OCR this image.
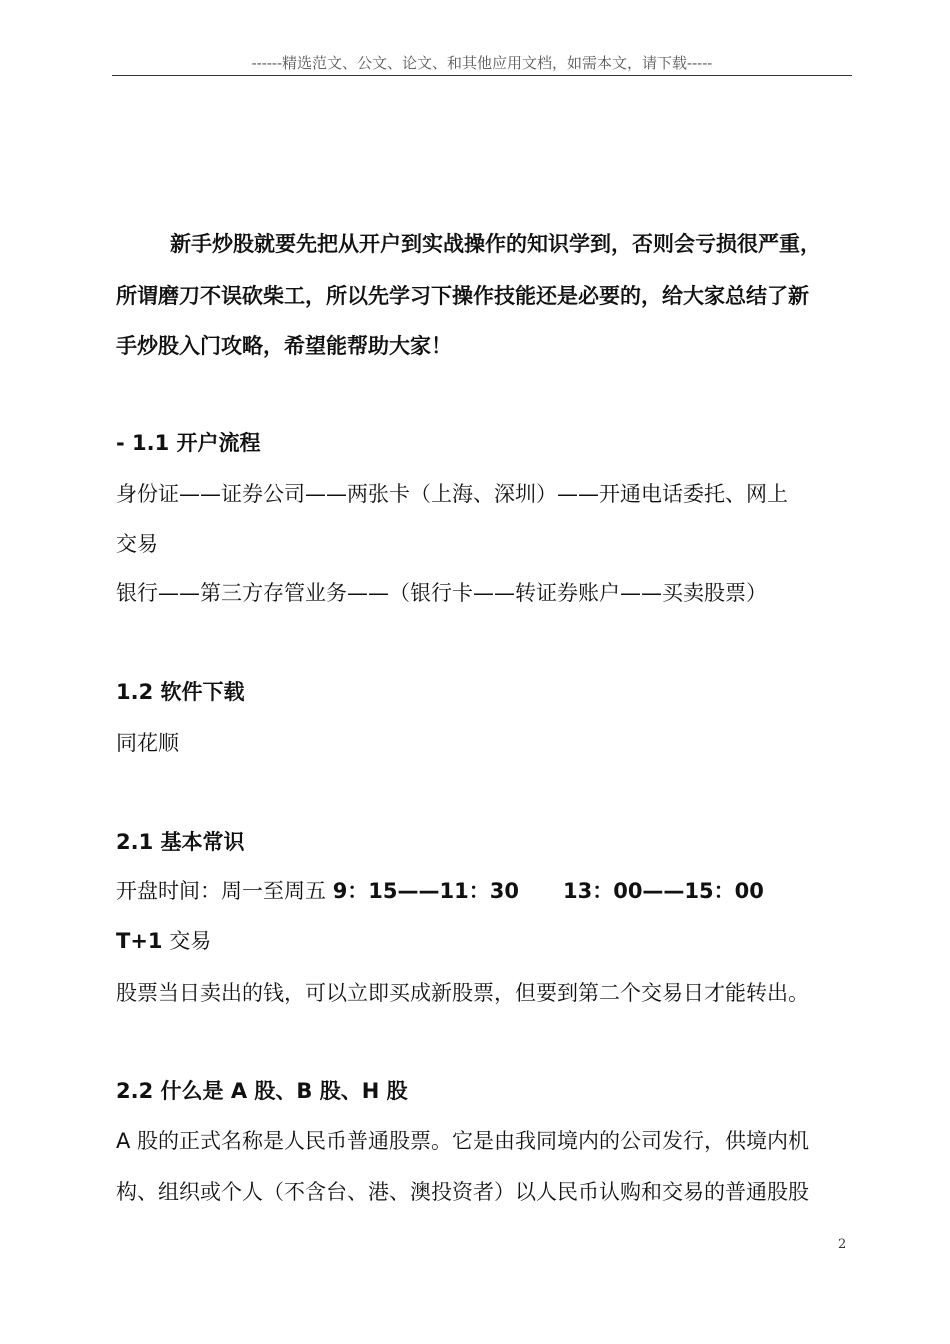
------精选范文、公文、论文、和其他应用文档，如需本文，请下载-----
新手炒股就要先把从开户到实战操作的知识学到，否则会亏损很严重，
所谓磨刀不误砍柴工，所以先学习下操作技能还是必要的，给大家总结了新
手炒股入门攻略，希望能帮助大家！
- 1.1 开户流程
身份证——证券公司——两张卡（上海、深圳）——开通电话委托、网上
交易
银行——第三方存管业务——（银行卡——转证券账户——买卖股票）
1.2 软件下载
同花顺
2.1 基本常识
开盘时间：周一至周五 9：15——11：30 13：00——15：00
T+1 交易
股票当日卖出的钱，可以立即买成新股票，但要到第二个交易日才能转出。
2.2 什么是 A 股、B 股、H 股
A 股的正式名称是人民币普通股票。它是由我同境内的公司发行，供境内机
构、组织或个人（不含台、港、澳投资者）以人民币认购和交易的普通股股
2
